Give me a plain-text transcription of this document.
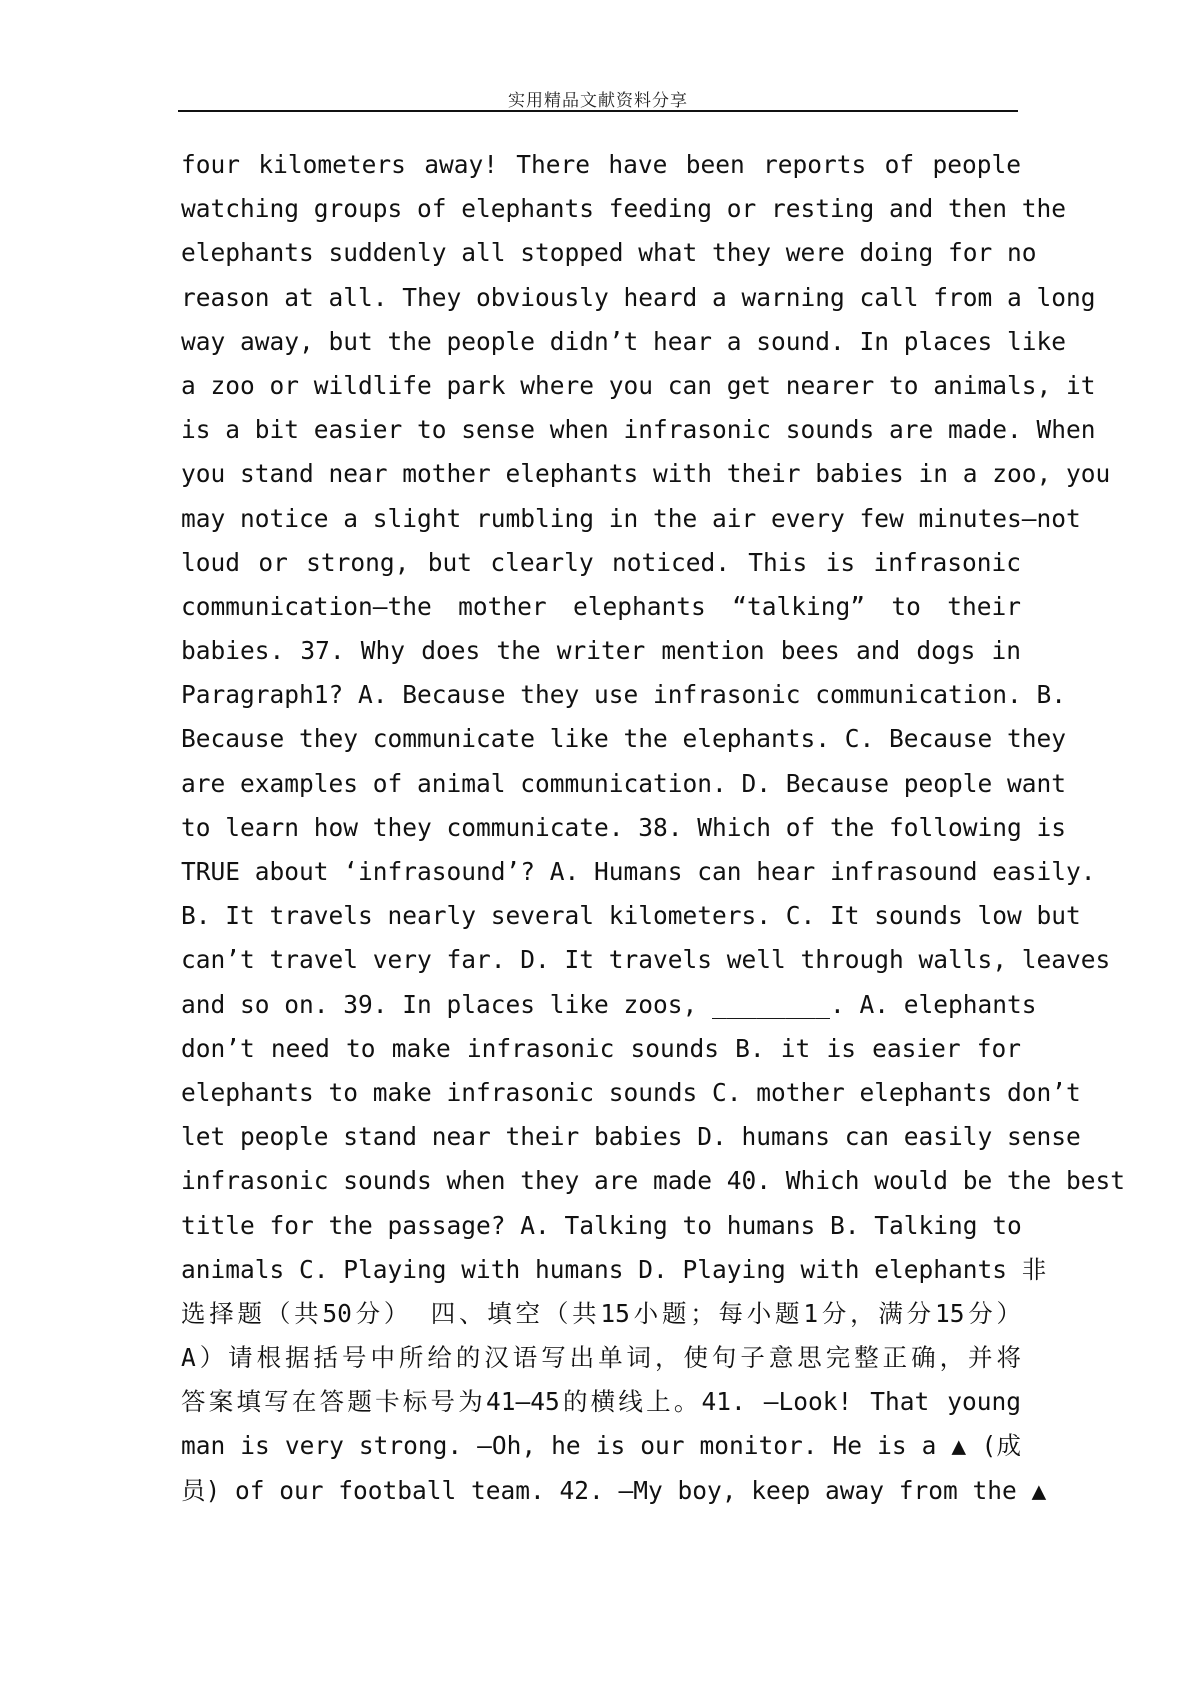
实用精品文献资料分享
four kilometers away! There have been reports of people
watching groups of elephants feeding or resting and then the
elephants suddenly all stopped what they were doing for no
reason at all. They obviously heard a warning call from a long
way away, but the people didn’t hear a sound. In places like
a zoo or wildlife park where you can get nearer to animals, it
is a bit easier to sense when infrasonic sounds are made. When
you stand near mother elephants with their babies in a zoo, you
may notice a slight rumbling in the air every few minutes—not
loud or strong, but clearly noticed. This is infrasonic
communication—the mother elephants “talking” to their
babies. 37. Why does the writer mention bees and dogs in
Paragraph1? A. Because they use infrasonic communication. B.
Because they communicate like the elephants. C. Because they
are examples of animal communication. D. Because people want
to learn how they communicate. 38. Which of the following is
TRUE about ‘infrasound’? A. Humans can hear infrasound easily.
B. It travels nearly several kilometers. C. It sounds low but
can’t travel very far. D. It travels well through walls, leaves
and so on. 39. In places like zoos, ________. A. elephants
don’t need to make infrasonic sounds B. it is easier for
elephants to make infrasonic sounds C. mother elephants don’t
let people stand near their babies D. humans can easily sense
infrasonic sounds when they are made 40. Which would be the best
title for the passage? A. Talking to humans B. Talking to
animals C. Playing with humans D. Playing with elephants 非
选择题（共50分） 四、填空（共15小题；每小题1分，满分15分）
A）请根据括号中所给的汉语写出单词，使句子意思完整正确，并将
答案填写在答题卡标号为41—45的横线上。41. —Look! That young
man is very strong. —Oh, he is our monitor. He is a ▲ (成
员) of our football team. 42. —My boy, keep away from the ▲
